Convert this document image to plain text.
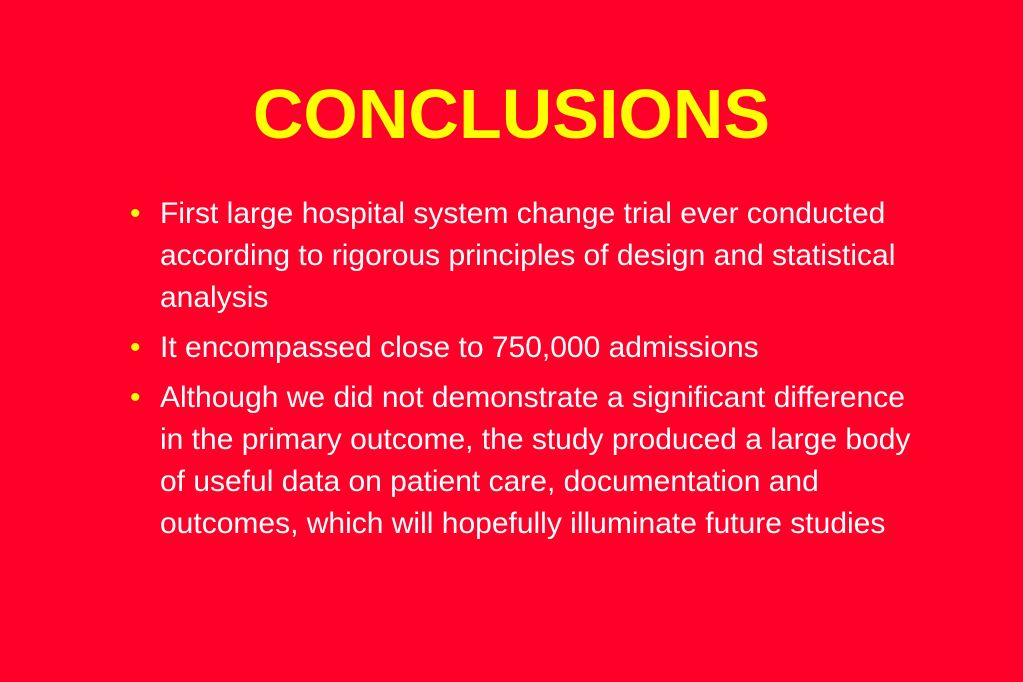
CONCLUSIONS
• First large hospital system change trial ever conducted according to rigorous principles of design and statistical analysis
• It encompassed close to 750,000 admissions
• Although we did not demonstrate a significant difference in the primary outcome, the study produced a large body of useful data on patient care, documentation and outcomes, which will hopefully illuminate future studies
